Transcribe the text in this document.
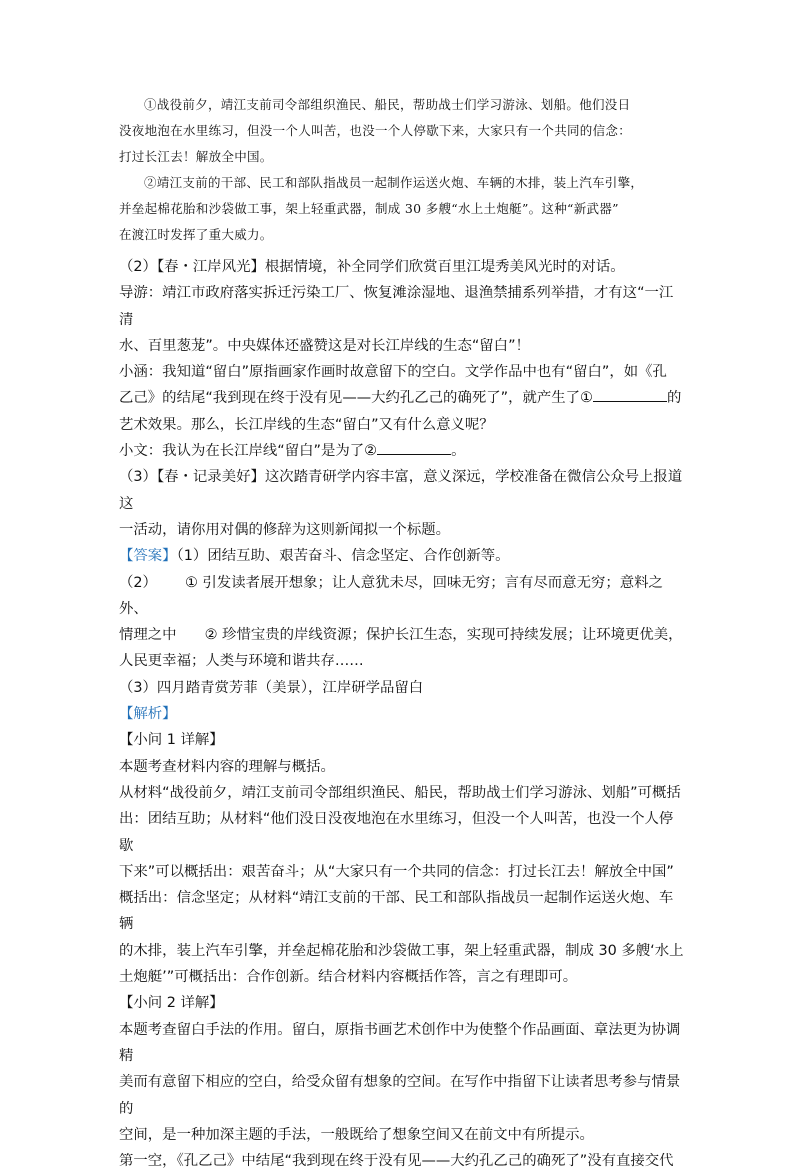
①战役前夕，靖江支前司令部组织渔民、船民，帮助战士们学习游泳、划船。他们没日

没夜地泡在水里练习，但没一个人叫苦，也没一个人停歇下来，大家只有一个共同的信念：

打过长江去！解放全中国。

②靖江支前的干部、民工和部队指战员一起制作运送火炮、车辆的木排，装上汽车引擎，

并垒起棉花胎和沙袋做工事，架上轻重武器，制成 30 多艘“水上土炮艇”。这种“新武器”

在渡江时发挥了重大威力。

（2）【春・江岸风光】根据情境，补全同学们欣赏百里江堤秀美风光时的对话。

导游：靖江市政府落实拆迁污染工厂、恢复滩涂湿地、退渔禁捕系列举措，才有这“一江清

水、百里葱茏”。中央媒体还盛赞这是对长江岸线的生态“留白”！

小涵：我知道“留白”原指画家作画时故意留下的空白。文学作品中也有“留白”，如《孔

乙己》的结尾“我到现在终于没有见——大约孔乙己的确死了”，就产生了①	的

艺术效果。那么，长江岸线的生态“留白”又有什么意义呢？

小文：我认为在长江岸线“留白”是为了②	。

（3）【春・记录美好】这次踏青研学内容丰富，意义深远，学校准备在微信公众号上报道这

一活动，请你用对偶的修辞为这则新闻拟一个标题。

【答案】（1）团结互助、艰苦奋斗、信念坚定、合作创新等。

（2） ① 引发读者展开想象；让人意犹未尽，回味无穷；言有尽而意无穷；意料之外、

情理之中 ② 珍惜宝贵的岸线资源；保护长江生态，实现可持续发展；让环境更优美，

人民更幸福；人类与环境和谐共存……

（3）四月踏青赏芳菲（美景），江岸研学品留白

【解析】

【小问 1 详解】

本题考查材料内容的理解与概括。

从材料“战役前夕，靖江支前司令部组织渔民、船民，帮助战士们学习游泳、划船”可概括

出：团结互助；从材料“他们没日没夜地泡在水里练习，但没一个人叫苦，也没一个人停歇

下来”可以概括出：艰苦奋斗；从“大家只有一个共同的信念：打过长江去！解放全中国”

概括出：信念坚定；从材料“靖江支前的干部、民工和部队指战员一起制作运送火炮、车辆

的木排，装上汽车引擎，并垒起棉花胎和沙袋做工事，架上轻重武器，制成 30 多艘‘水上

土炮艇’”可概括出：合作创新。结合材料内容概括作答，言之有理即可。

【小问 2 详解】

本题考查留白手法的作用。留白，原指书画艺术创作中为使整个作品画面、章法更为协调精

美而有意留下相应的空白，给受众留有想象的空间。在写作中指留下让读者思考参与情景的

空间，是一种加深主题的手法，一般既给了想象空间又在前文中有所提示。

第一空，《孔乙己》中结尾“我到现在终于没有见——大约孔乙己的确死了”没有直接交代
